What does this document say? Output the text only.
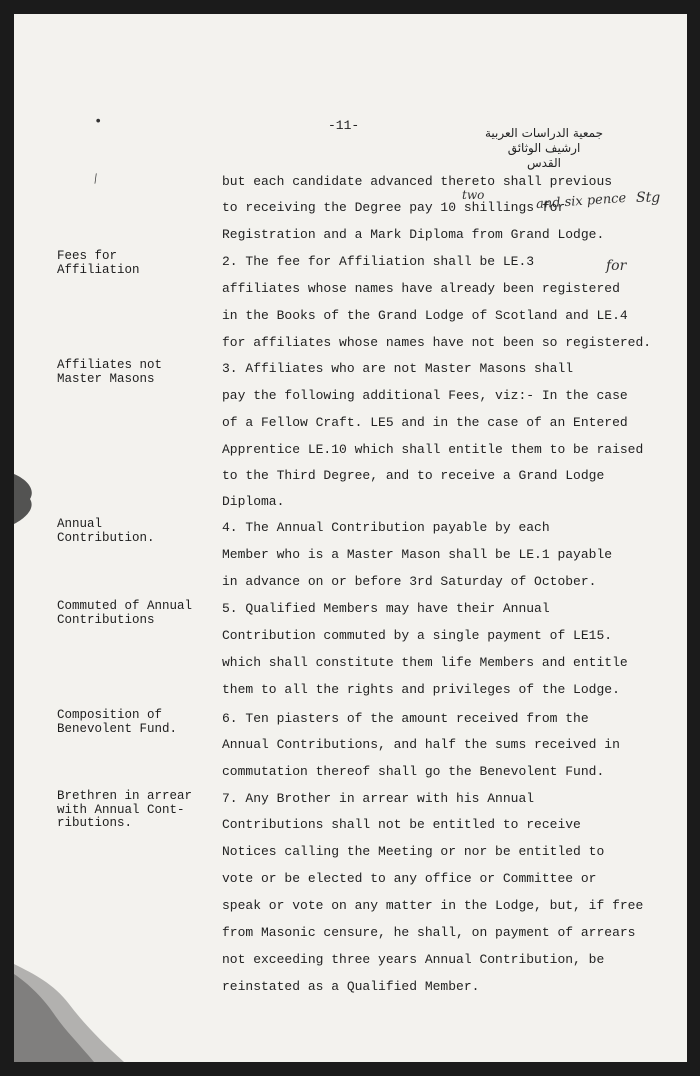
جمعية الدراسات العربية
ارشيف الوثائق
القدس
-11-
•
⁄
two	and six pence Stg
for
Fees for
Affiliation
Affiliates not
Master Masons
Annual
Contribution.
Commuted of Annual
Contributions
Composition of
Benevolent Fund.
Brethren in arrear
with Annual Cont-
ributions.
but each candidate advanced thereto shall previous
to receiving the Degree pay 10 shillings for
Registration and a Mark Diploma from Grand Lodge.
2. The fee for Affiliation shall be LE.3
affiliates whose names have already been registered
in the Books of the Grand Lodge of Scotland and LE.4
for affiliates whose names have not been so registered.
3. Affiliates who are not Master Masons shall
pay the following additional Fees, viz:- In the case
of a Fellow Craft. LE5 and in the case of an Entered
Apprentice LE.10 which shall entitle them to be raised
to the Third Degree, and to receive a Grand Lodge
Diploma.
4. The Annual Contribution payable by each
Member who is a Master Mason shall be LE.1 payable
in advance on or before 3rd Saturday of October.
5. Qualified Members may have their Annual
Contribution commuted by a single payment of LE15.
which shall constitute them life Members and entitle
them to all the rights and privileges of the Lodge.
6. Ten piasters of the amount received from the
Annual Contributions, and half the sums received in
commutation thereof shall go the Benevolent Fund.
7. Any Brother in arrear with his Annual
Contributions shall not be entitled to receive
Notices calling the Meeting or nor be entitled to
vote or be elected to any office or Committee or
speak or vote on any matter in the Lodge, but, if free
from Masonic censure, he shall, on payment of arrears
not exceeding three years Annual Contribution, be
reinstated as a Qualified Member.
